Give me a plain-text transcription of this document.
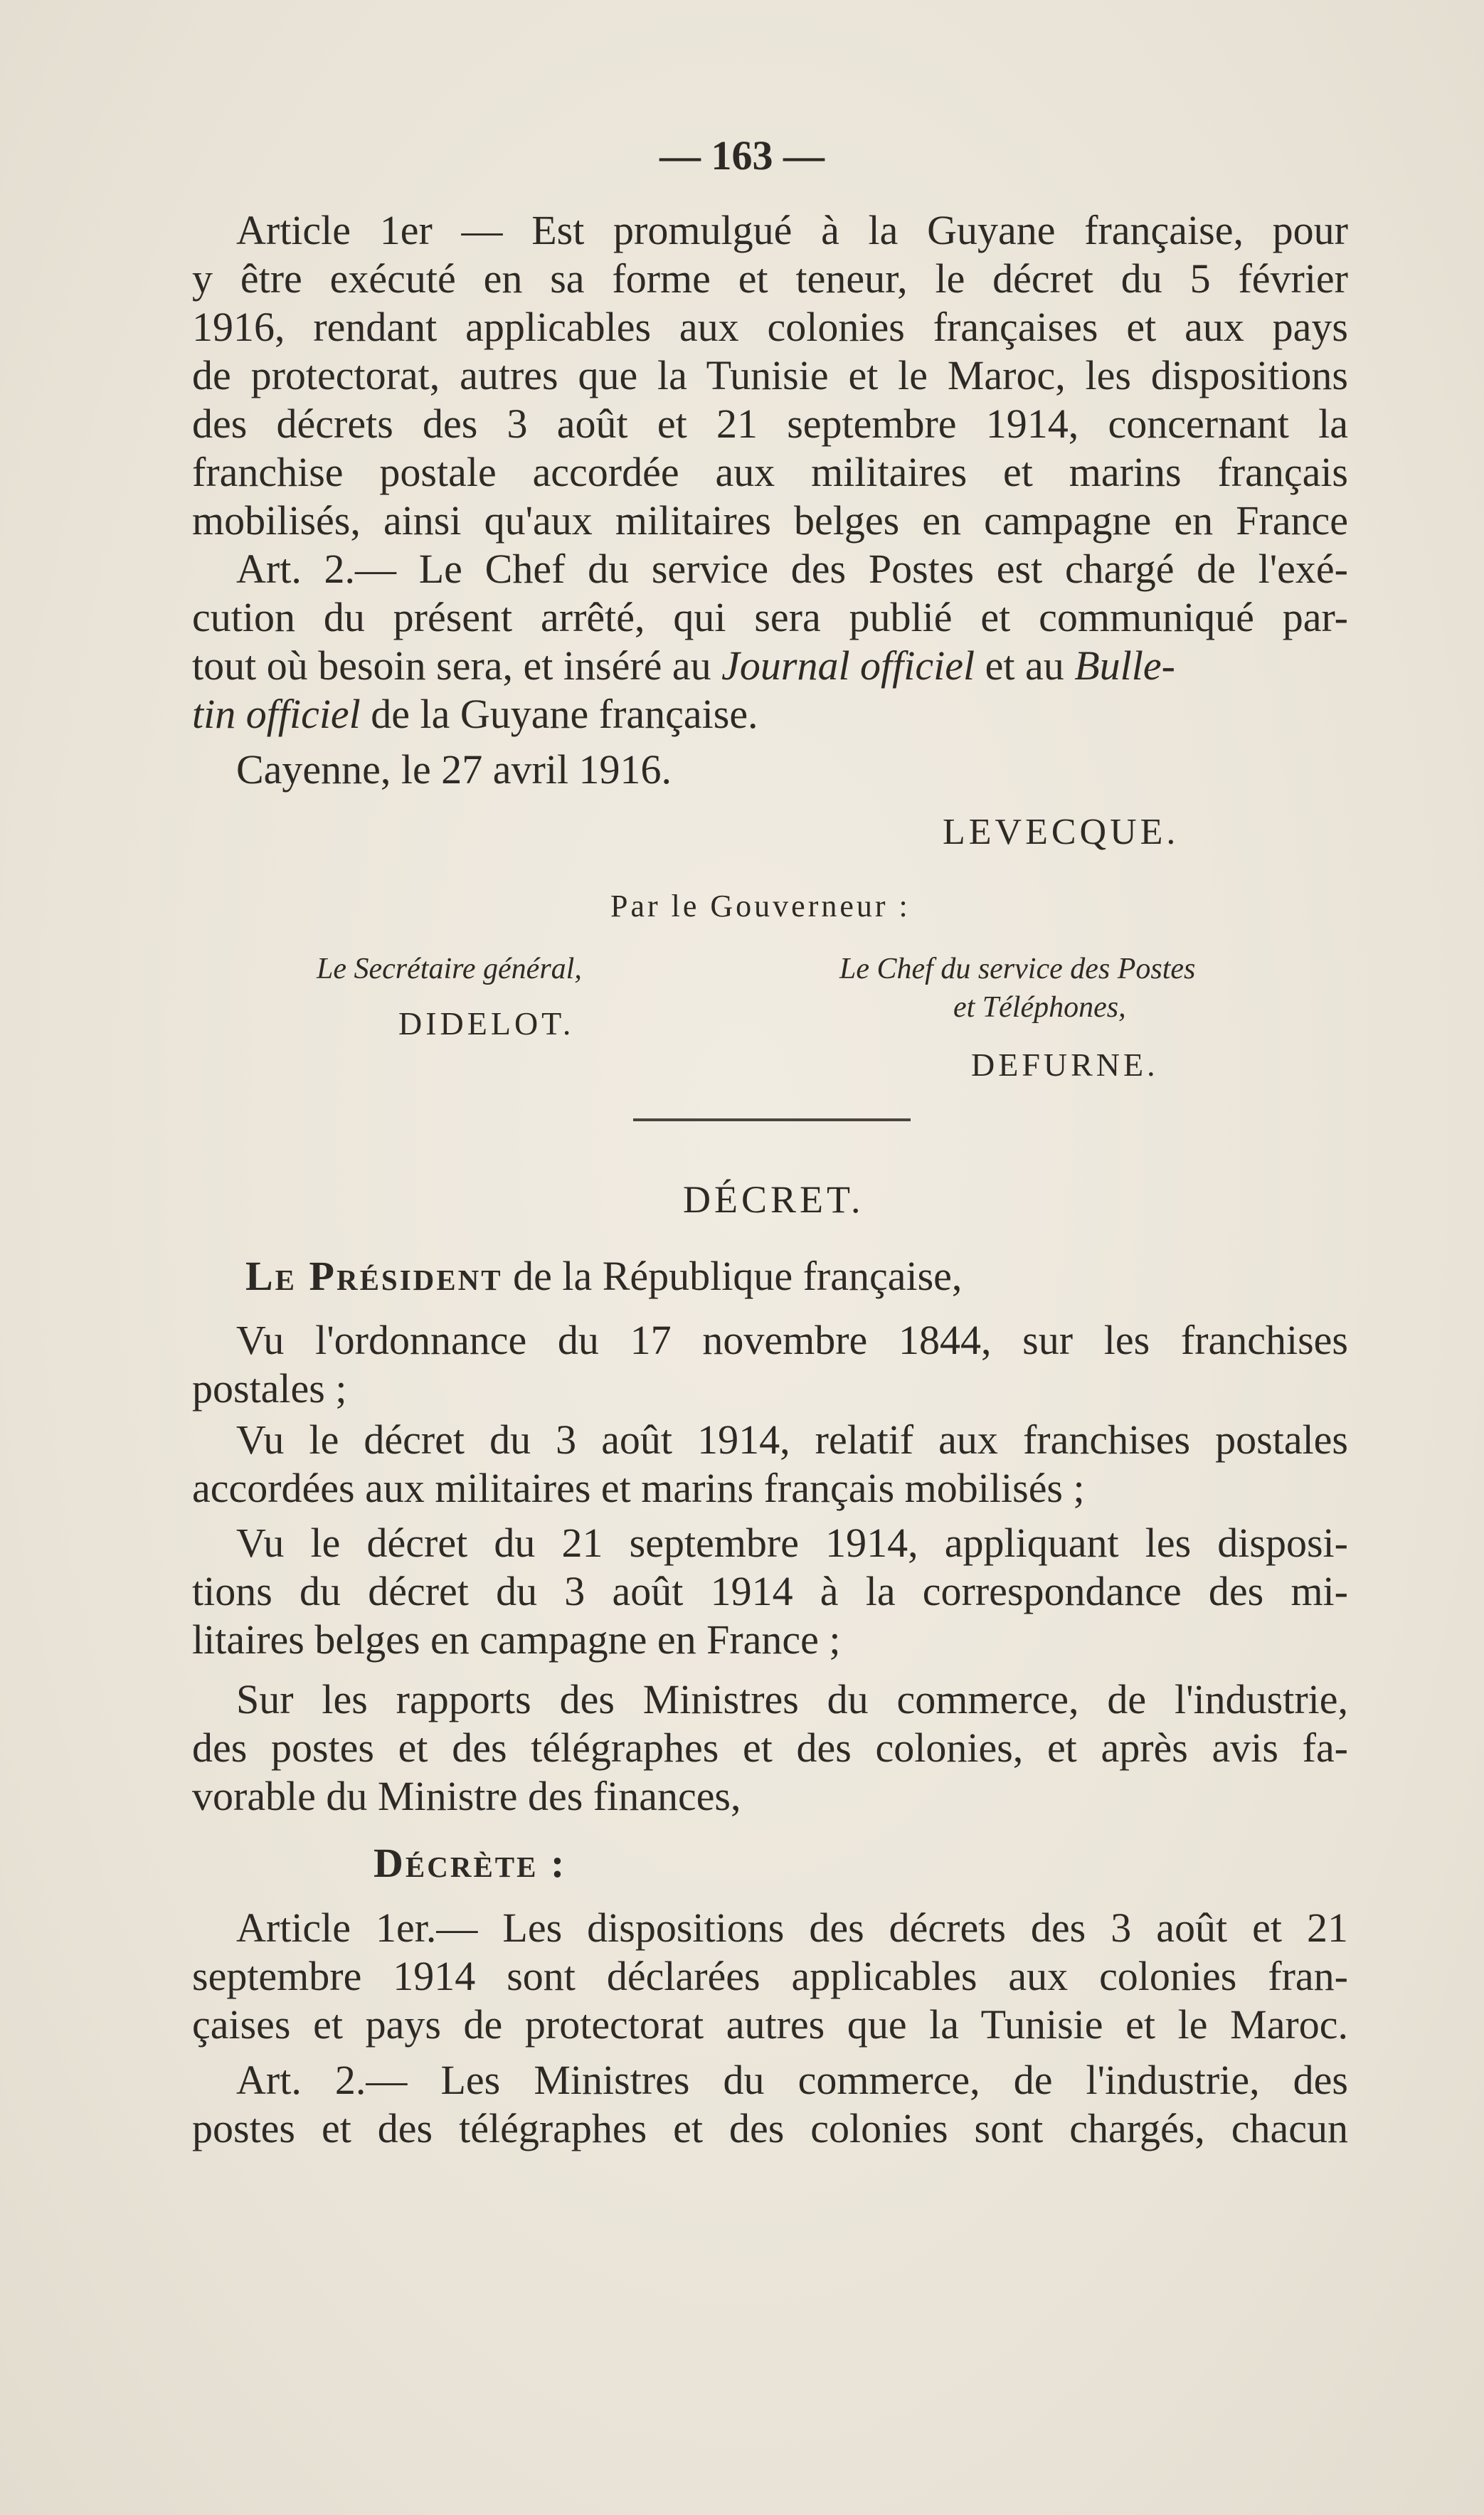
— 163 —
Article 1er — Est promulgué à la Guyane française, pour
y être exécuté en sa forme et teneur, le décret du 5 février
1916, rendant applicables aux colonies françaises et aux pays
de protectorat, autres que la Tunisie et le Maroc, les dispositions
des décrets des 3 août et 21 septembre 1914, concernant la
franchise postale accordée aux militaires et marins français
mobilisés, ainsi qu'aux militaires belges en campagne en France
Art. 2.— Le Chef du service des Postes est chargé de l'exé-
cution du présent arrêté, qui sera publié et communiqué par-
tout où besoin sera, et inséré au Journal officiel et au Bulle-
tin officiel de la Guyane française.
Cayenne, le 27 avril 1916.
LEVECQUE.
Par le Gouverneur :
Le Secrétaire général,
DIDELOT.
Le Chef du service des Postes
et Téléphones,
DEFURNE.
DÉCRET.
Le Président de la République française,
Vu l'ordonnance du 17 novembre 1844, sur les franchises
postales ;
Vu le décret du 3 août 1914, relatif aux franchises postales
accordées aux militaires et marins français mobilisés ;
Vu le décret du 21 septembre 1914, appliquant les disposi-
tions du décret du 3 août 1914 à la correspondance des mi-
litaires belges en campagne en France ;
Sur les rapports des Ministres du commerce, de l'industrie,
des postes et des télégraphes et des colonies, et après avis fa-
vorable du Ministre des finances,
Décrète :
Article 1er.— Les dispositions des décrets des 3 août et 21
septembre 1914 sont déclarées applicables aux colonies fran-
çaises et pays de protectorat autres que la Tunisie et le Maroc.
Art. 2.— Les Ministres du commerce, de l'industrie, des
postes et des télégraphes et des colonies sont chargés, chacun
